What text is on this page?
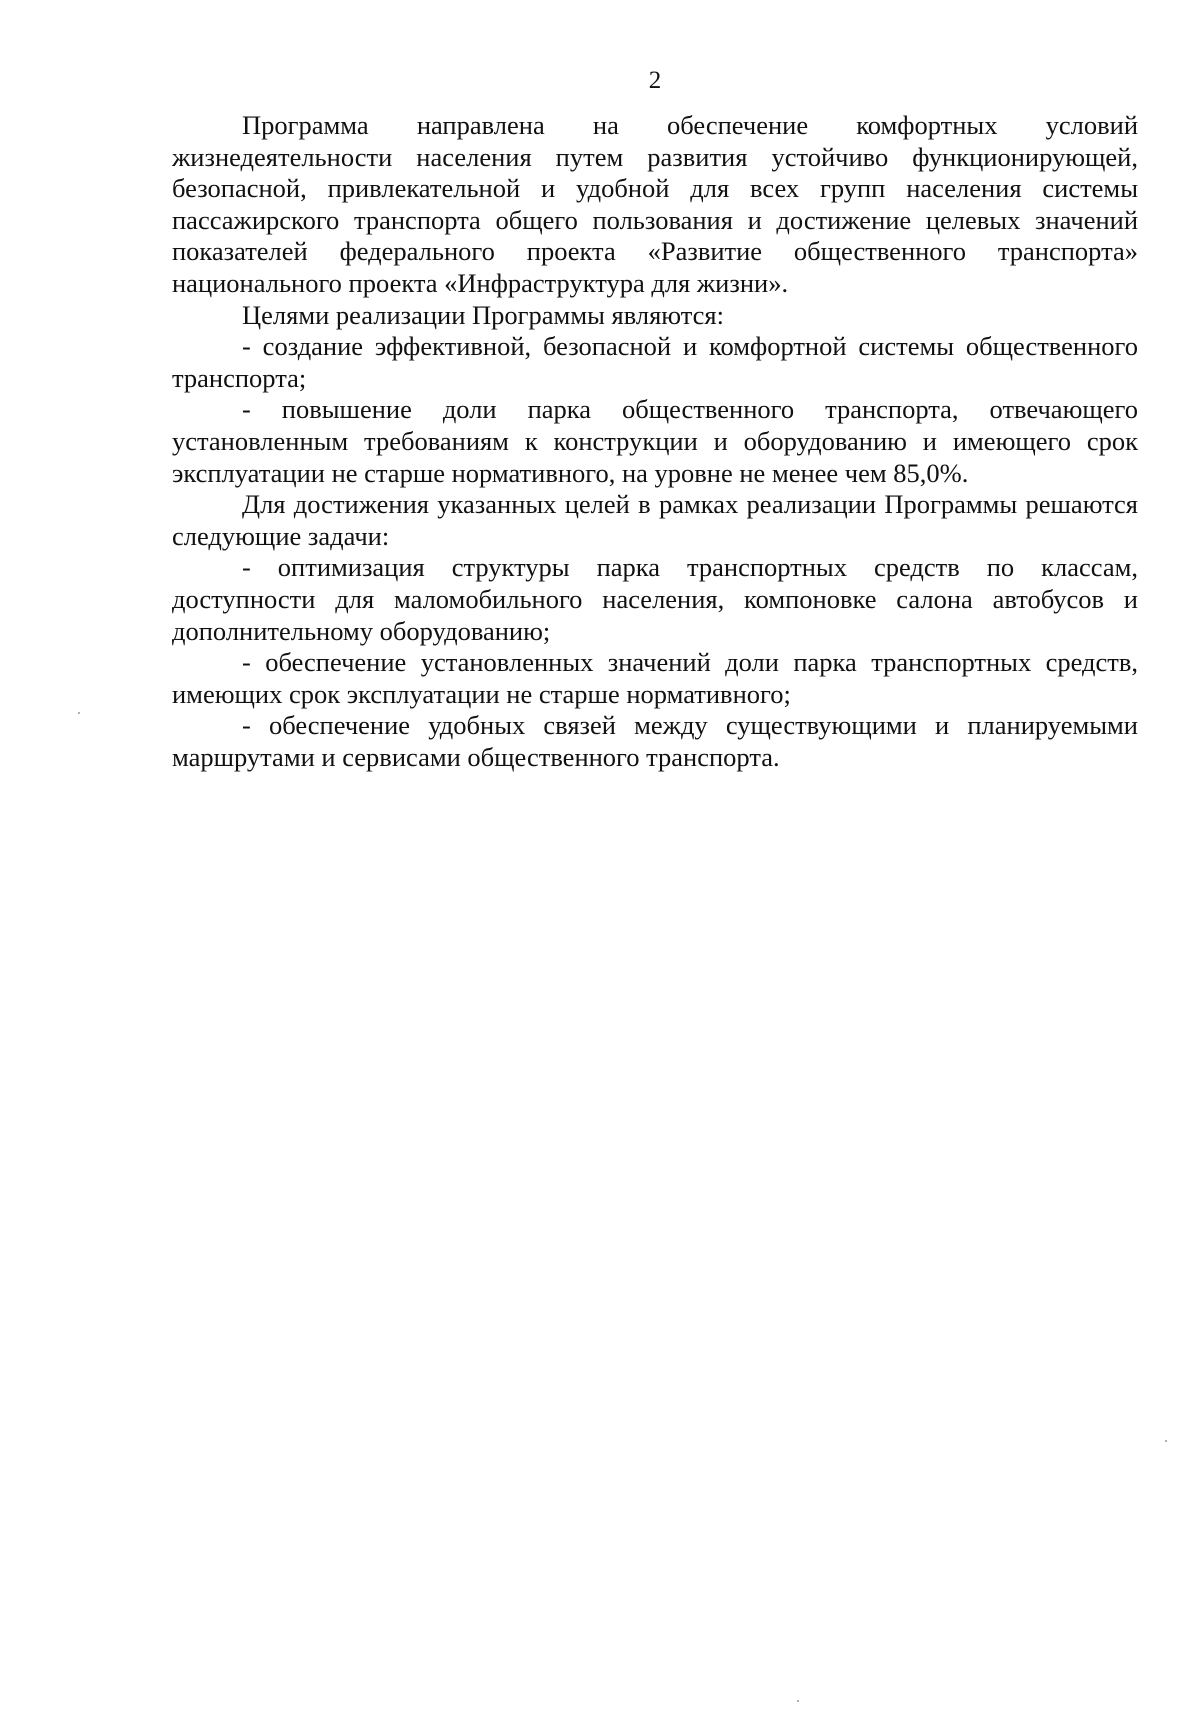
2

Программа направлена на обеспечение комфортных условий жизнедеятельности населения путем развития устойчиво функционирующей, безопасной, привлекательной и удобной для всех групп населения системы пассажирского транспорта общего пользования и достижение целевых значений показателей федерального проекта «Развитие общественного транспорта» национального проекта «Инфраструктура для жизни».

Целями реализации Программы являются:

- создание эффективной, безопасной и комфортной системы общественного транспорта;

- повышение доли парка общественного транспорта, отвечающего установленным требованиям к конструкции и оборудованию и имеющего срок эксплуатации не старше нормативного, на уровне не менее чем 85,0%.

Для достижения указанных целей в рамках реализации Программы решаются следующие задачи:

- оптимизация структуры парка транспортных средств по классам, доступности для маломобильного населения, компоновке салона автобусов и дополнительному оборудованию;

- обеспечение установленных значений доли парка транспортных средств, имеющих срок эксплуатации не старше нормативного;

- обеспечение удобных связей между существующими и планируемыми маршрутами и сервисами общественного транспорта.
